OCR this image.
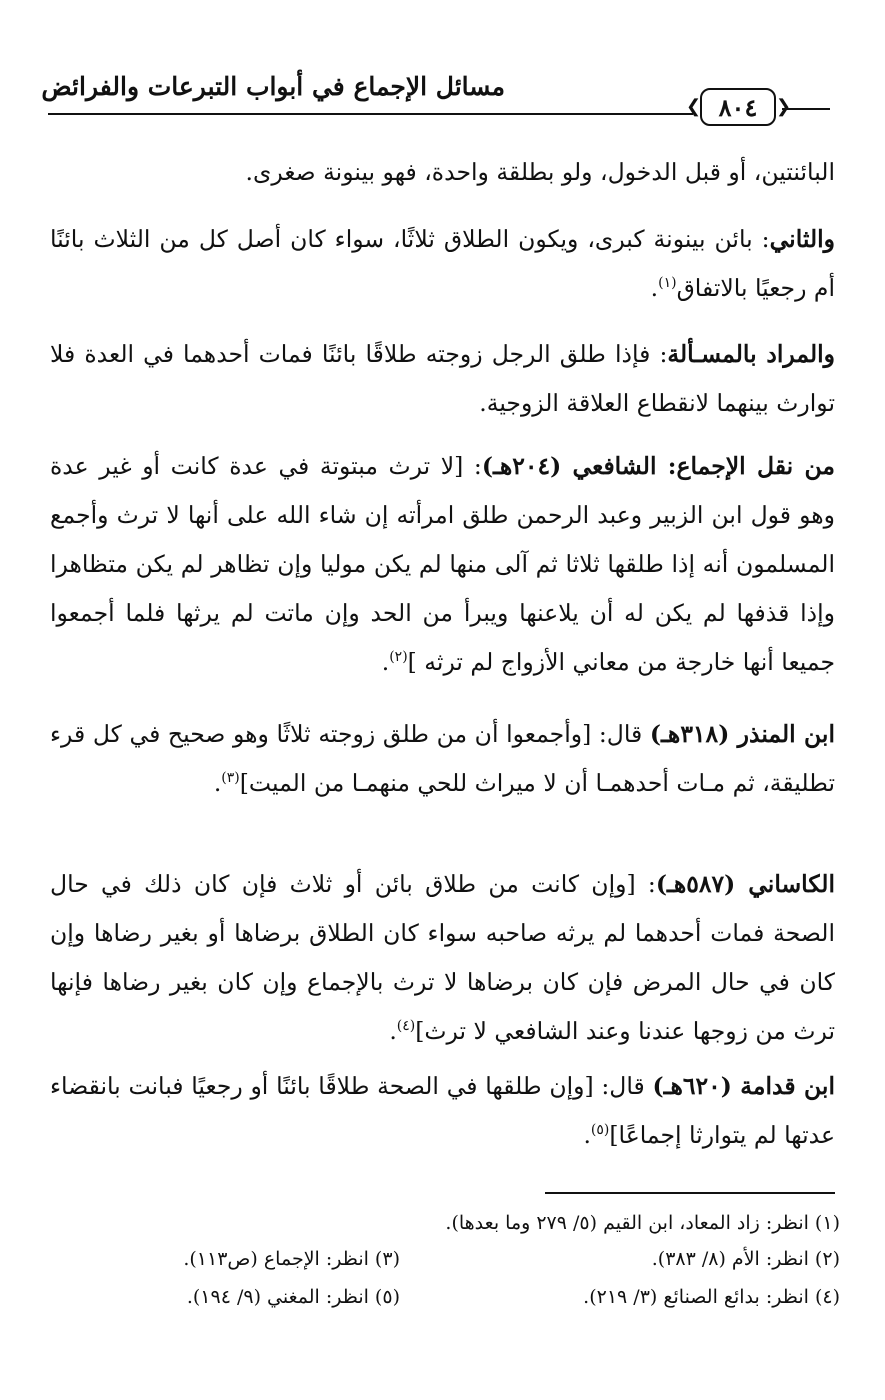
مسائل الإجماع في أبواب التبرعات والفرائض
❮ ٨٠٤ ❯

البائنتين، أو قبل الدخول، ولو بطلقة واحدة، فهو بينونة صغرى.

والثاني: بائن بينونة كبرى، ويكون الطلاق ثلاثًا، سواء كان أصل كل من الثلاث بائنًا أم رجعيًا بالاتفاق$^{(١)}$.

والمراد بالمسـألة: فإذا طلق الرجل زوجته طلاقًا بائنًا فمات أحدهما في العدة فلا توارث بينهما لانقطاع العلاقة الزوجية.

من نقل الإجماع: الشافعي (٢٠٤هـ): [لا ترث مبتوتة في عدة كانت أو غير عدة وهو قول ابن الزبير وعبد الرحمن طلق امرأته إن شاء الله على أنها لا ترث وأجمع المسلمون أنه إذا طلقها ثلاثا ثم آلى منها لم يكن موليا وإن تظاهر لم يكن متظاهرا وإذا قذفها لم يكن له أن يلاعنها ويبرأ من الحد وإن ماتت لم يرثها فلما أجمعوا جميعا أنها خارجة من معاني الأزواج لم ترثه ]$^{(٢)}$.

ابن المنذر (٣١٨هـ) قال: [وأجمعوا أن من طلق زوجته ثلاثًا وهو صحيح في كل قرء تطليقة، ثم مـات أحدهمـا أن لا ميراث للحي منهمـا من الميت]$^{(٣)}$.

الكاساني (٥٨٧هـ): [وإن كانت من طلاق بائن أو ثلاث فإن كان ذلك في حال الصحة فمات أحدهما لم يرثه صاحبه سواء كان الطلاق برضاها أو بغير رضاها وإن كان في حال المرض فإن كان برضاها لا ترث بالإجماع وإن كان بغير رضاها فإنها ترث من زوجها عندنا وعند الشافعي لا ترث]$^{(٤)}$.

ابن قدامة (٦٢٠هـ) قال: [وإن طلقها في الصحة طلاقًا بائنًا أو رجعيًا فبانت بانقضاء عدتها لم يتوارثا إجماعًا]$^{(٥)}$.

(١) انظر: زاد المعاد، ابن القيم (٥/ ٢٧٩ وما بعدها).
(٢) انظر: الأم (٨/ ٣٨٣).
(٣) انظر: الإجماع (ص١١٣).
(٤) انظر: بدائع الصنائع (٣/ ٢١٩).
(٥) انظر: المغني (٩/ ١٩٤).
